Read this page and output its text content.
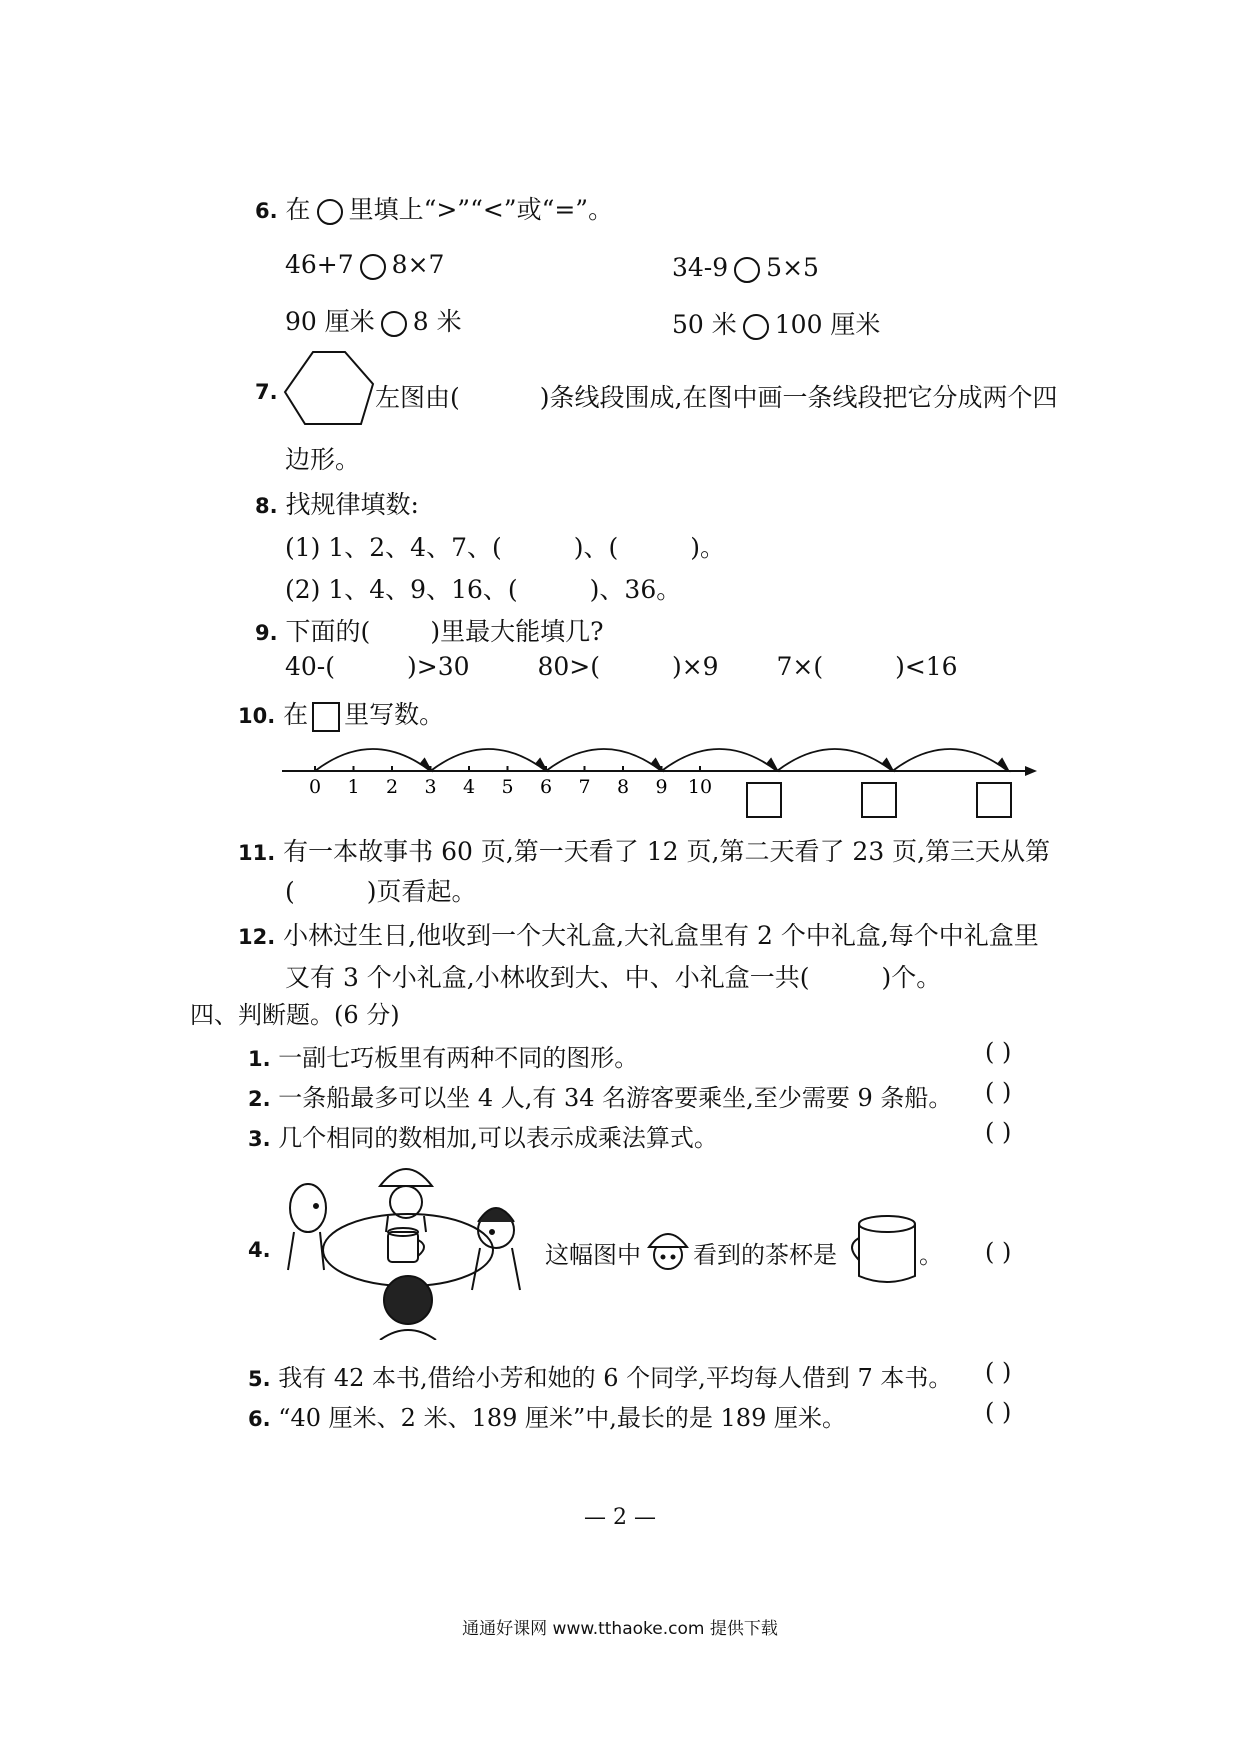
6. 在 里填上“>”“<”或“=”。
46+7 8×7	34-9 5×5
90 厘米 8 米	50 米 100 厘米
7.	左图由(	)条线段围成,在图中画一条线段把它分成两个四
边形。
8. 找规律填数:
(1) 1、2、4、7、(	)、(	)。
(2) 1、4、9、16、(	)、36。
9. 下面的( )里最大能填几?
40-(	)>30	80>(	)×9 7×(	)<16
10. 在 里写数。
0 1 2 3 4 5 6 7 8 9 10
11. 有一本故事书 60 页,第一天看了 12 页,第二天看了 23 页,第三天从第
(	)页看起。
12. 小林过生日,他收到一个大礼盒,大礼盒里有 2 个中礼盒,每个中礼盒里
又有 3 个小礼盒,小林收到大、中、小礼盒一共(	)个。
四、判断题。(6 分)
1. 一副七巧板里有两种不同的图形。	( )
2. 一条船最多可以坐 4 人,有 34 名游客要乘坐,至少需要 9 条船。 ( )
3. 几个相同的数相加,可以表示成乘法算式。	( )
4.	这幅图中 看到的茶杯是	。 ( )
5. 我有 42 本书,借给小芳和她的 6 个同学,平均每人借到 7 本书。 ( )
6. “40 厘米、2 米、189 厘米”中,最长的是 189 厘米。	( )
— 2 —
通通好课网 www.tthaoke.com 提供下载
